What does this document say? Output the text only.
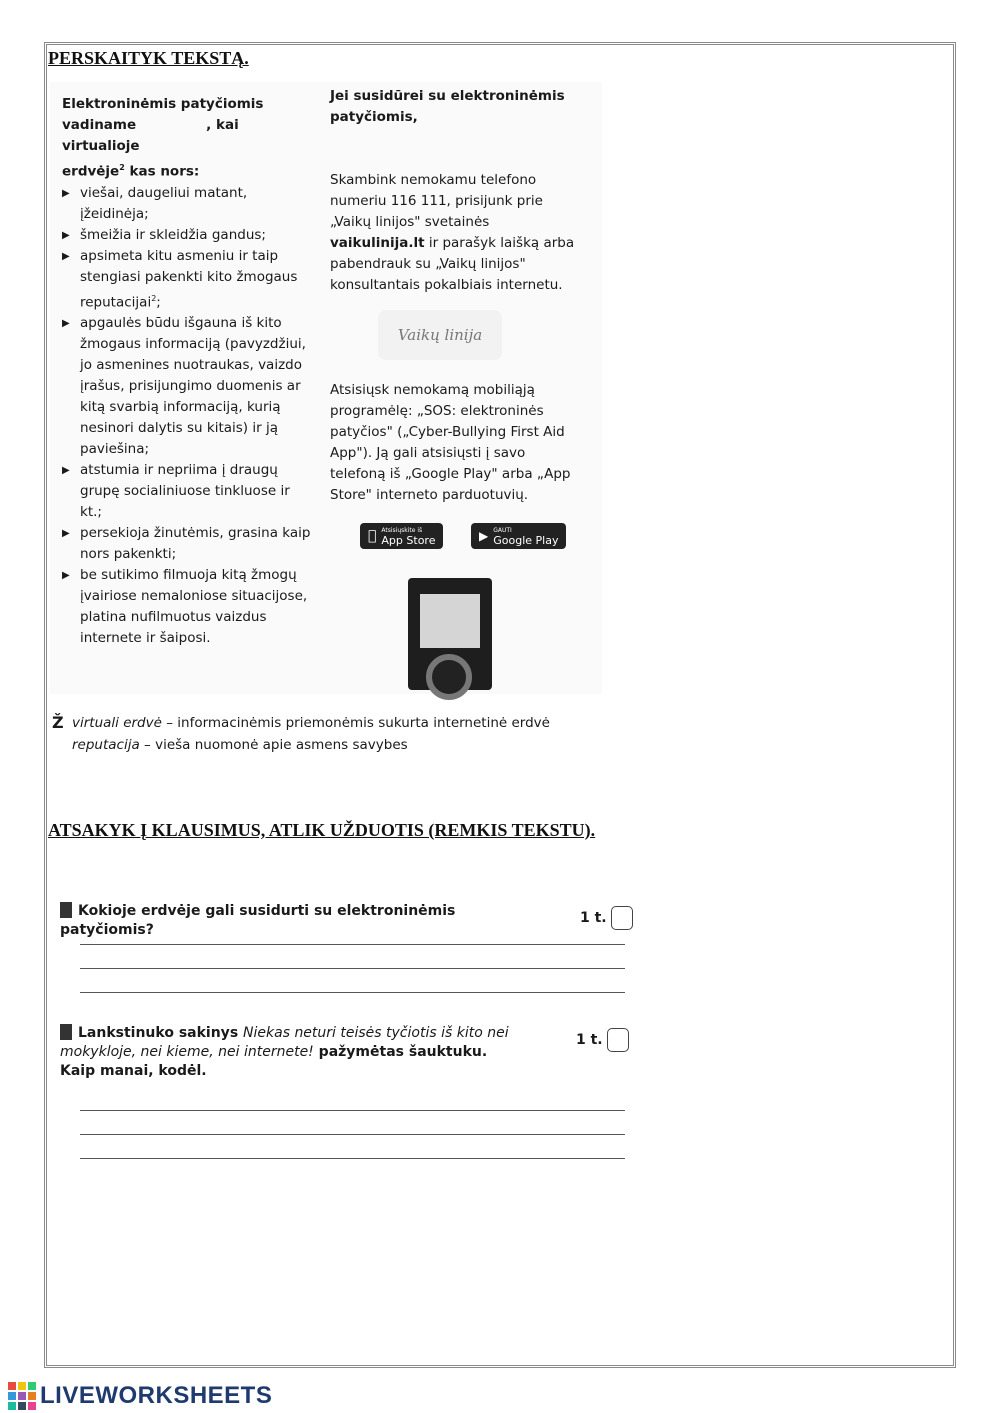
PERSKAITYK TEKSTĄ.
Elektroninėmis patyčiomis
vadiname	, kai virtualioje
erdvėje$^2$ kas nors:
▶ viešai, daugeliui matant, įžeidinėja;
▶ šmeižia ir skleidžia gandus;
▶ apsimeta kitu asmeniu ir taip stengiasi pakenkti kito žmogaus reputacijai$^2$;
▶ apgaulės būdu išgauna iš kito žmogaus informaciją (pavyzdžiui, jo asmenines nuotraukas, vaizdo įrašus, prisijungimo duomenis ar kitą svarbią informaciją, kurią nesinori dalytis su kitais) ir ją paviešina;
▶ atstumia ir nepriima į draugų grupę socialiniuose tinkluose ir kt.;
▶ persekioja žinutėmis, grasina kaip nors pakenkti;
▶ be sutikimo filmuoja kitą žmogų įvairiose nemaloniose situacijose, platina nufilmuotus vaizdus internete ir šaiposi.
Jei susidūrei su elektroninėmis patyčiomis,

Skambink nemokamu telefono numeriu 116 111, prisijunk prie „Vaikų linijos" svetainės vaikulinija.lt ir parašyk laišką arba pabendrauk su „Vaikų linijos" konsultantais pokalbiais internetu.

Atsisiųsk nemokamą mobiliąją programėlę: „SOS: elektroninės patyčios" („Cyber-Bullying First Aid App"). Ją gali atsisiųsti į savo telefoną iš „Google Play" arba „App Store" interneto parduotuvių.

Vaikų linija
Atsisiųskite iš
App Store	▶ GAUTI
Google Play
Ž virtuali erdvė – informacinėmis priemonėmis sukurta internetinė erdvė
reputacija – vieša nuomonė apie asmens savybes
ATSAKYK Į KLAUSIMUS, ATLIK UŽDUOTIS (REMKIS TEKSTU).
Kokioje erdvėje gali susidurti su elektroninėmis patyčiomis?
1 t.
Lankstinuko sakinys Niekas neturi teisės tyčiotis iš kito nei mokykloje, nei kieme, nei internete! pažymėtas šauktuku.
Kaip manai, kodėl.
1 t.
LIVEWORKSHEETS
